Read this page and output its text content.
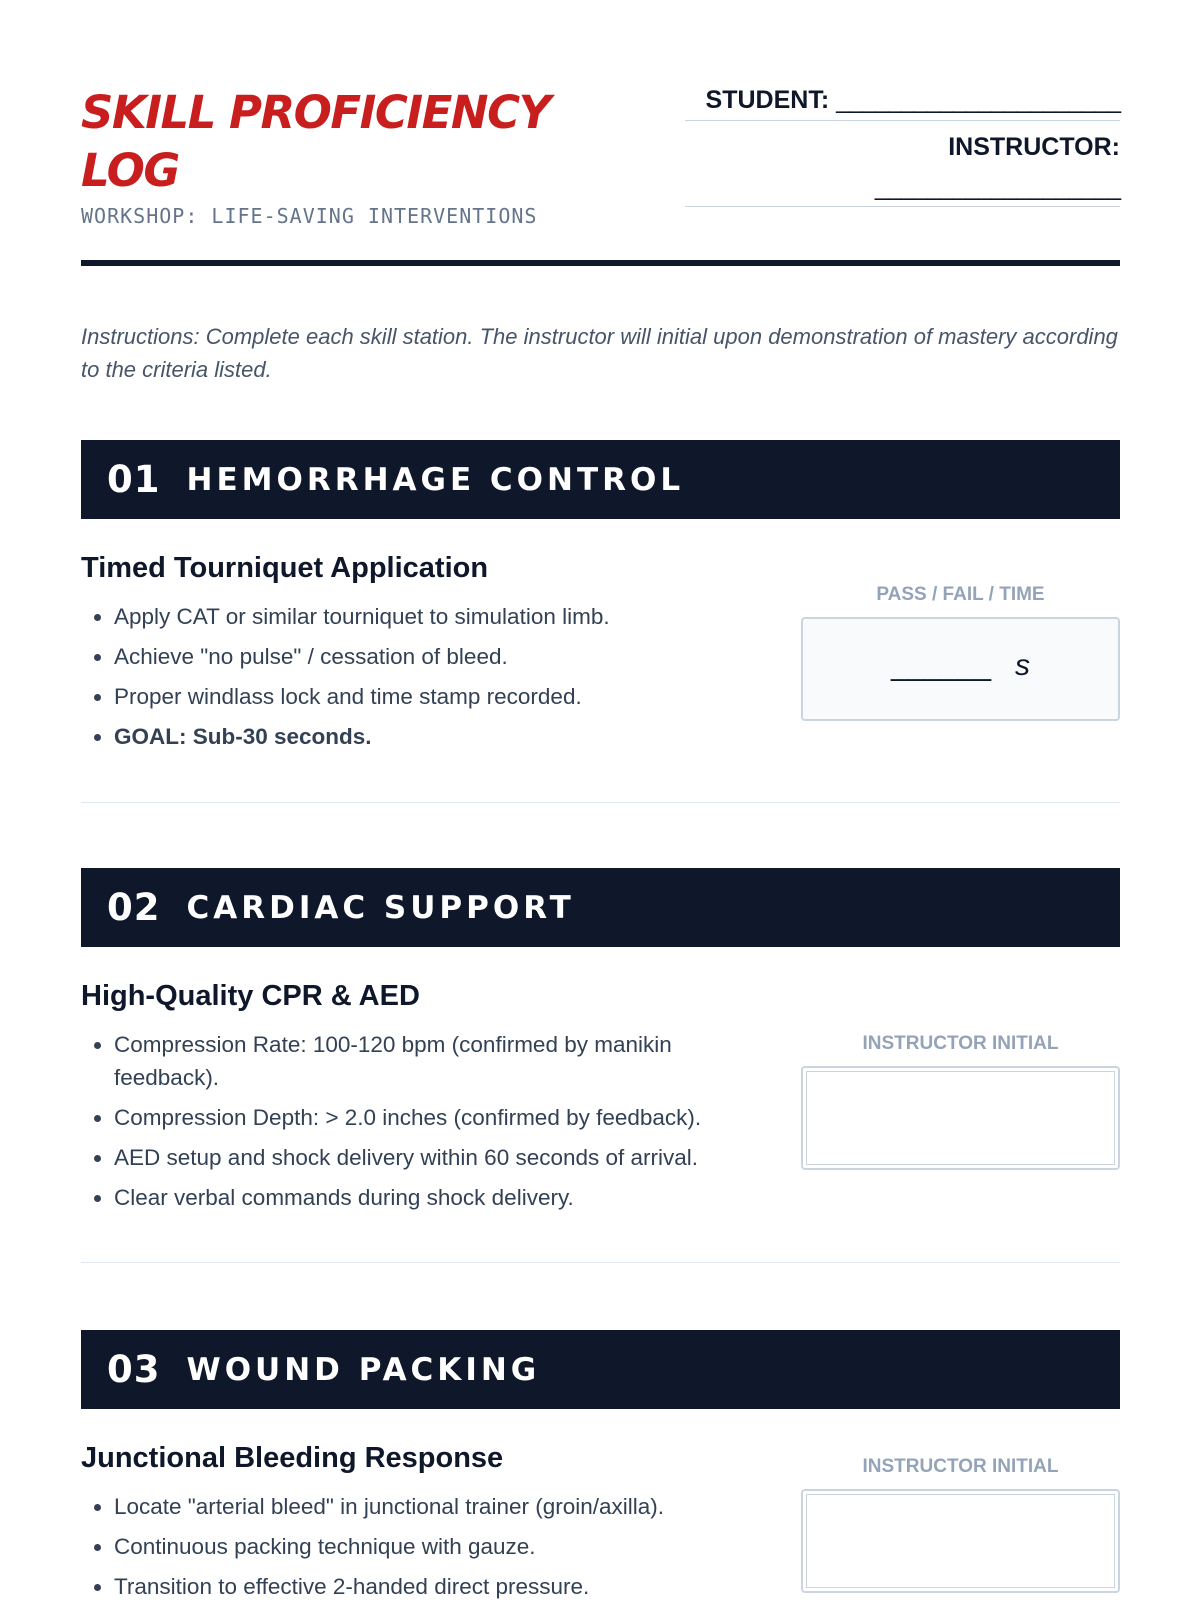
SKILL PROFICIENCY LOG
WORKSHOP: LIFE-SAVING INTERVENTIONS
STUDENT: ______________________
INSTRUCTOR:
___________________

Instructions: Complete each skill station. The instructor will initial upon demonstration of mastery according to the criteria listed.

01 HEMORRHAGE CONTROL
Timed Tourniquet Application
• Apply CAT or similar tourniquet to simulation limb.
• Achieve "no pulse" / cessation of bleed.
• Proper windlass lock and time stamp recorded.
• GOAL: Sub-30 seconds.
PASS / FAIL / TIME
______ s
02 CARDIAC SUPPORT
High-Quality CPR & AED
• Compression Rate: 100-120 bpm (confirmed by manikin feedback).
• Compression Depth: > 2.0 inches (confirmed by feedback).
• AED setup and shock delivery within 60 seconds of arrival.
• Clear verbal commands during shock delivery.
INSTRUCTOR INITIAL
03 WOUND PACKING
Junctional Bleeding Response
• Locate "arterial bleed" in junctional trainer (groin/axilla).
• Continuous packing technique with gauze.
• Transition to effective 2-handed direct pressure.
INSTRUCTOR INITIAL
